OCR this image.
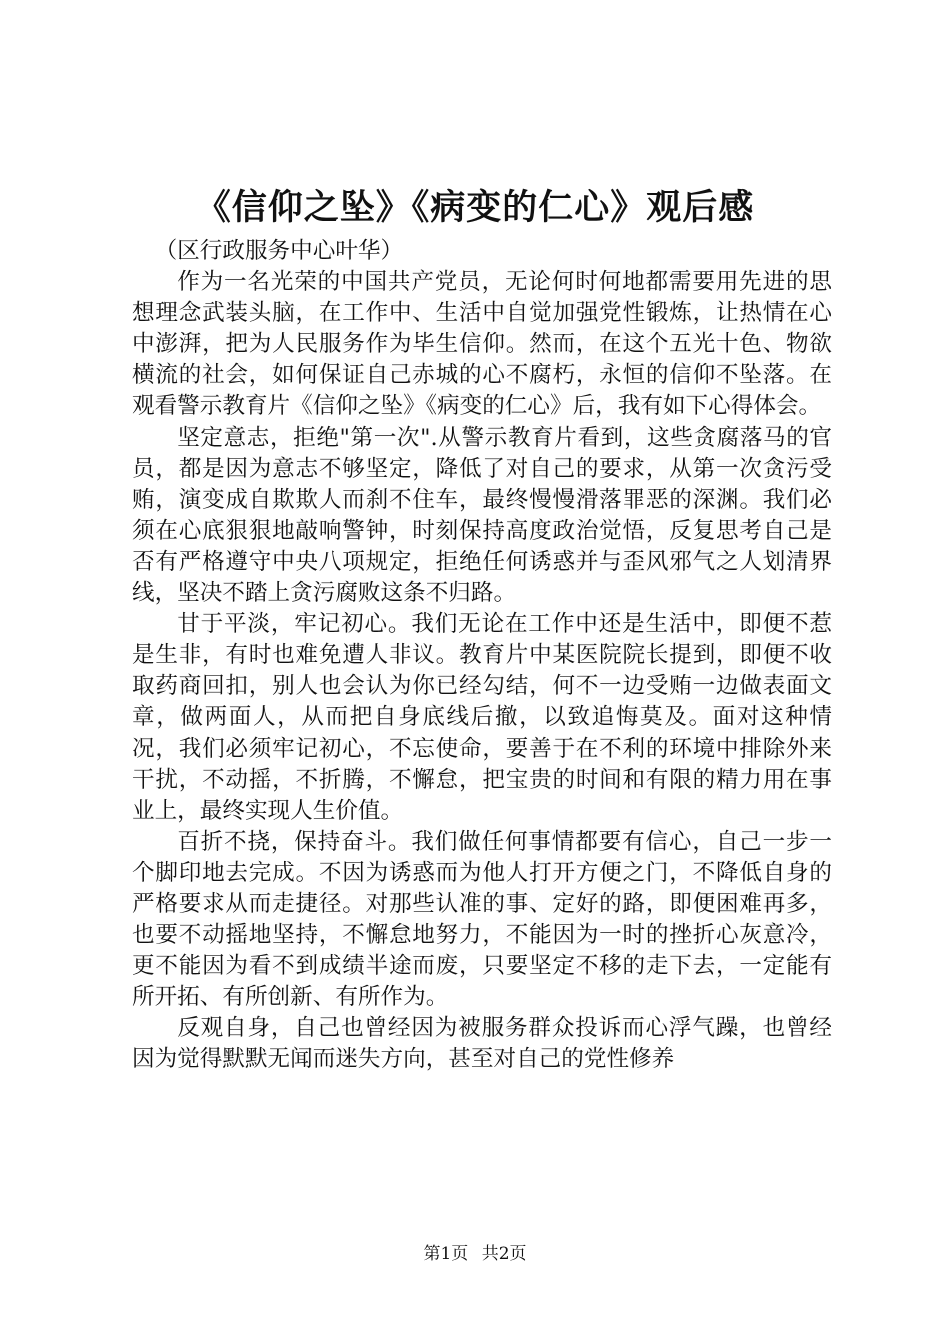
《信仰之坠》《病变的仁心》观后感

（区行政服务中心叶华）

作为一名光荣的中国共产党员，无论何时何地都需要用先进的思想理念武装头脑，在工作中、生活中自觉加强党性锻炼，让热情在心中澎湃，把为人民服务作为毕生信仰。然而，在这个五光十色、物欲横流的社会，如何保证自己赤城的心不腐朽，永恒的信仰不坠落。在观看警示教育片《信仰之坠》《病变的仁心》后，我有如下心得体会。

坚定意志，拒绝"第一次".从警示教育片看到，这些贪腐落马的官员，都是因为意志不够坚定，降低了对自己的要求，从第一次贪污受贿，演变成自欺欺人而刹不住车，最终慢慢滑落罪恶的深渊。我们必须在心底狠狠地敲响警钟，时刻保持高度政治觉悟，反复思考自己是否有严格遵守中央八项规定，拒绝任何诱惑并与歪风邪气之人划清界线，坚决不踏上贪污腐败这条不归路。

甘于平淡，牢记初心。我们无论在工作中还是生活中，即便不惹是生非，有时也难免遭人非议。教育片中某医院院长提到，即便不收取药商回扣，别人也会认为你已经勾结，何不一边受贿一边做表面文章，做两面人，从而把自身底线后撤，以致追悔莫及。面对这种情况，我们必须牢记初心，不忘使命，要善于在不利的环境中排除外来干扰，不动摇，不折腾，不懈怠，把宝贵的时间和有限的精力用在事业上，最终实现人生价值。

百折不挠，保持奋斗。我们做任何事情都要有信心，自己一步一个脚印地去完成。不因为诱惑而为他人打开方便之门，不降低自身的严格要求从而走捷径。对那些认准的事、定好的路，即便困难再多，也要不动摇地坚持，不懈怠地努力，不能因为一时的挫折心灰意冷，更不能因为看不到成绩半途而废，只要坚定不移的走下去，一定能有所开拓、有所创新、有所作为。

反观自身，自己也曾经因为被服务群众投诉而心浮气躁，也曾经因为觉得默默无闻而迷失方向，甚至对自己的党性修养

第1页 共2页
